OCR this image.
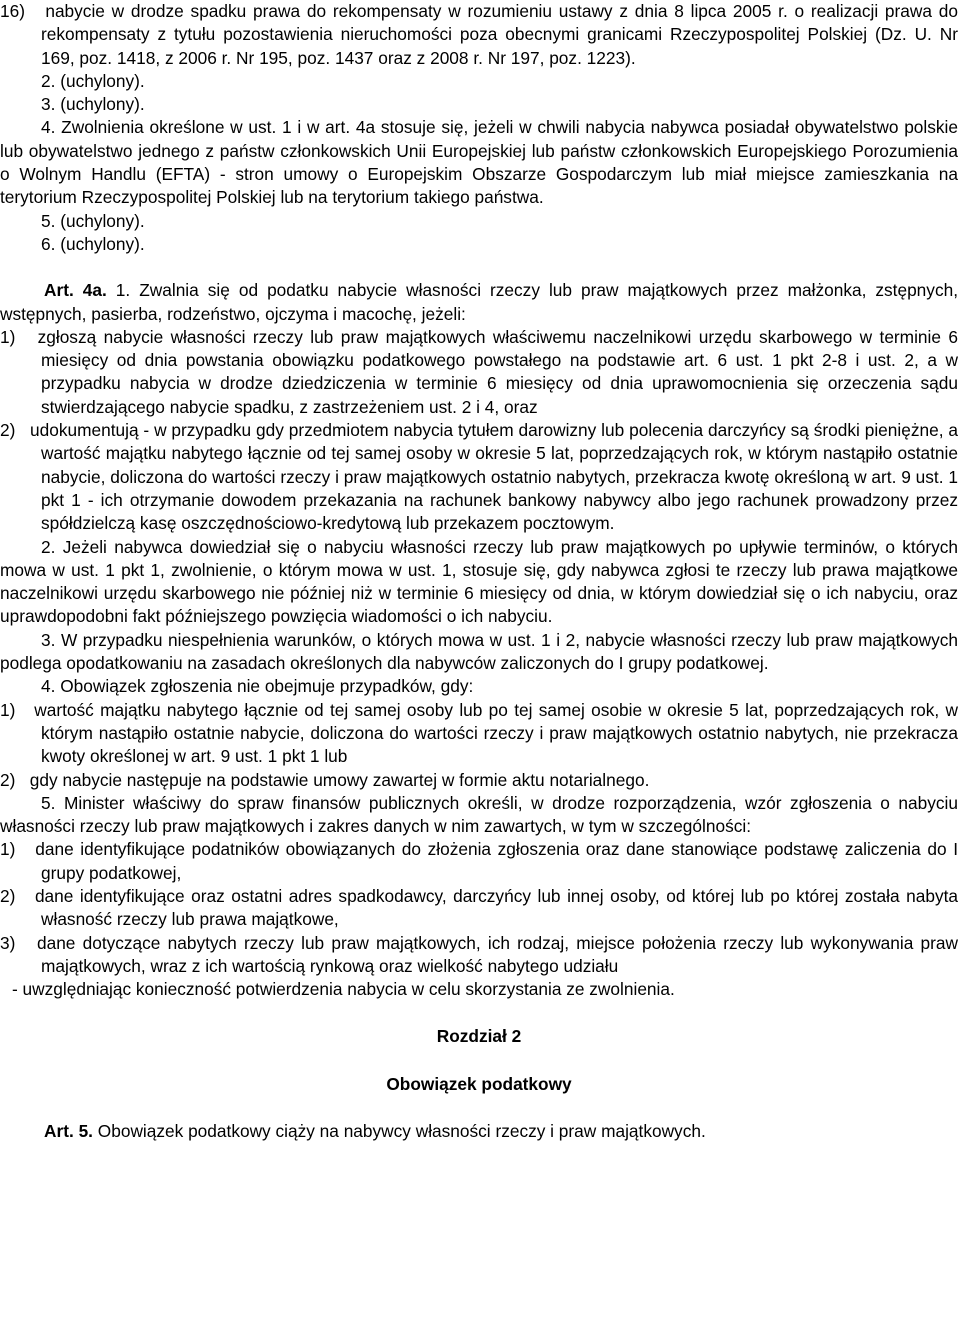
16) nabycie w drodze spadku prawa do rekompensaty w rozumieniu ustawy z dnia 8 lipca 2005 r. o realizacji prawa do rekompensaty z tytułu pozostawienia nieruchomości poza obecnymi granicami Rzeczypospolitej Polskiej (Dz. U. Nr 169, poz. 1418, z 2006 r. Nr 195, poz. 1437 oraz z 2008 r. Nr 197, poz. 1223).

2. (uchylony).

3. (uchylony).

4. Zwolnienia określone w ust. 1 i w art. 4a stosuje się, jeżeli w chwili nabycia nabywca posiadał obywatelstwo polskie lub obywatelstwo jednego z państw członkowskich Unii Europejskiej lub państw członkowskich Europejskiego Porozumienia o Wolnym Handlu (EFTA) - stron umowy o Europejskim Obszarze Gospodarczym lub miał miejsce zamieszkania na terytorium Rzeczypospolitej Polskiej lub na terytorium takiego państwa.

5. (uchylony).

6. (uchylony).

Art. 4a. 1. Zwalnia się od podatku nabycie własności rzeczy lub praw majątkowych przez małżonka, zstępnych, wstępnych, pasierba, rodzeństwo, ojczyma i macochę, jeżeli:

1) zgłoszą nabycie własności rzeczy lub praw majątkowych właściwemu naczelnikowi urzędu skarbowego w terminie 6 miesięcy od dnia powstania obowiązku podatkowego powstałego na podstawie art. 6 ust. 1 pkt 2-8 i ust. 2, a w przypadku nabycia w drodze dziedziczenia w terminie 6 miesięcy od dnia uprawomocnienia się orzeczenia sądu stwierdzającego nabycie spadku, z zastrzeżeniem ust. 2 i 4, oraz

2) udokumentują - w przypadku gdy przedmiotem nabycia tytułem darowizny lub polecenia darczyńcy są środki pieniężne, a wartość majątku nabytego łącznie od tej samej osoby w okresie 5 lat, poprzedzających rok, w którym nastąpiło ostatnie nabycie, doliczona do wartości rzeczy i praw majątkowych ostatnio nabytych, przekracza kwotę określoną w art. 9 ust. 1 pkt 1 - ich otrzymanie dowodem przekazania na rachunek bankowy nabywcy albo jego rachunek prowadzony przez spółdzielczą kasę oszczędnościowo-kredytową lub przekazem pocztowym.

2. Jeżeli nabywca dowiedział się o nabyciu własności rzeczy lub praw majątkowych po upływie terminów, o których mowa w ust. 1 pkt 1, zwolnienie, o którym mowa w ust. 1, stosuje się, gdy nabywca zgłosi te rzeczy lub prawa majątkowe naczelnikowi urzędu skarbowego nie później niż w terminie 6 miesięcy od dnia, w którym dowiedział się o ich nabyciu, oraz uprawdopodobni fakt późniejszego powzięcia wiadomości o ich nabyciu.

3. W przypadku niespełnienia warunków, o których mowa w ust. 1 i 2, nabycie własności rzeczy lub praw majątkowych podlega opodatkowaniu na zasadach określonych dla nabywców zaliczonych do I grupy podatkowej.

4. Obowiązek zgłoszenia nie obejmuje przypadków, gdy:

1) wartość majątku nabytego łącznie od tej samej osoby lub po tej samej osobie w okresie 5 lat, poprzedzających rok, w którym nastąpiło ostatnie nabycie, doliczona do wartości rzeczy i praw majątkowych ostatnio nabytych, nie przekracza kwoty określonej w art. 9 ust. 1 pkt 1 lub

2) gdy nabycie następuje na podstawie umowy zawartej w formie aktu notarialnego.

5. Minister właściwy do spraw finansów publicznych określi, w drodze rozporządzenia, wzór zgłoszenia o nabyciu własności rzeczy lub praw majątkowych i zakres danych w nim zawartych, w tym w szczególności:

1) dane identyfikujące podatników obowiązanych do złożenia zgłoszenia oraz dane stanowiące podstawę zaliczenia do I grupy podatkowej,

2) dane identyfikujące oraz ostatni adres spadkodawcy, darczyńcy lub innej osoby, od której lub po której została nabyta własność rzeczy lub prawa majątkowe,

3) dane dotyczące nabytych rzeczy lub praw majątkowych, ich rodzaj, miejsce położenia rzeczy lub wykonywania praw majątkowych, wraz z ich wartością rynkową oraz wielkość nabytego udziału

- uwzględniając konieczność potwierdzenia nabycia w celu skorzystania ze zwolnienia.

Rozdział 2

Obowiązek podatkowy

Art. 5. Obowiązek podatkowy ciąży na nabywcy własności rzeczy i praw majątkowych.
